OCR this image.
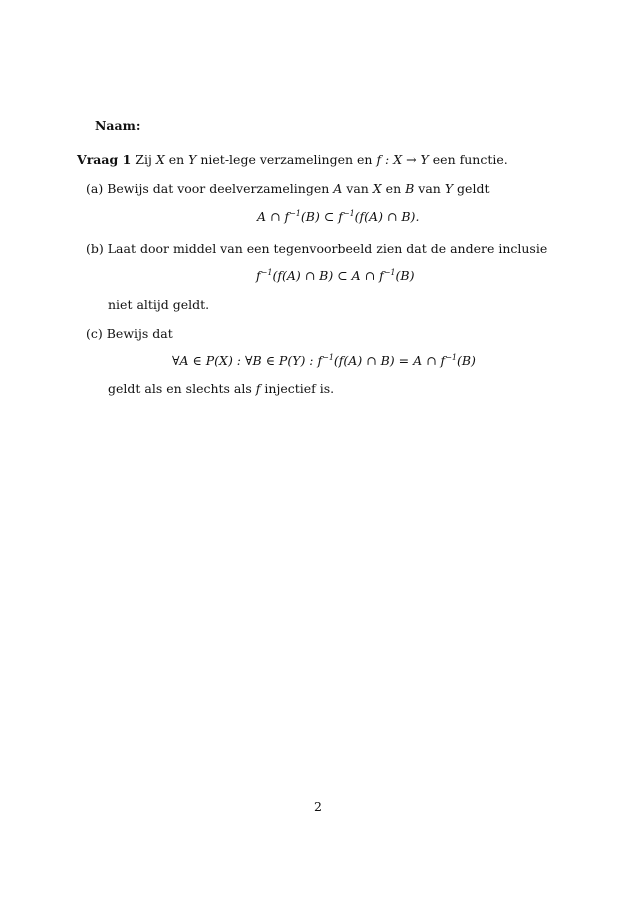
Naam:
Vraag 1 Zij X en Y niet-lege verzamelingen en f : X → Y een functie.
(a) Bewijs dat voor deelverzamelingen A van X en B van Y geldt
A ∩ $f^{-1}(B)$ ⊂ $f^{-1}(f(A)$ ∩ B).
(b) Laat door middel van een tegenvoorbeeld zien dat de andere inclusie
$f^{-1}(f(A)$ ∩ B) ⊂ A ∩ $f^{-1}(B)$
niet altijd geldt.
(c) Bewijs dat
∀A ∈ P(X) : ∀B ∈ P(Y) : $f^{-1}(f(A)$ ∩ B) = A ∩ $f^{-1}(B)$
geldt als en slechts als f injectief is.
2
